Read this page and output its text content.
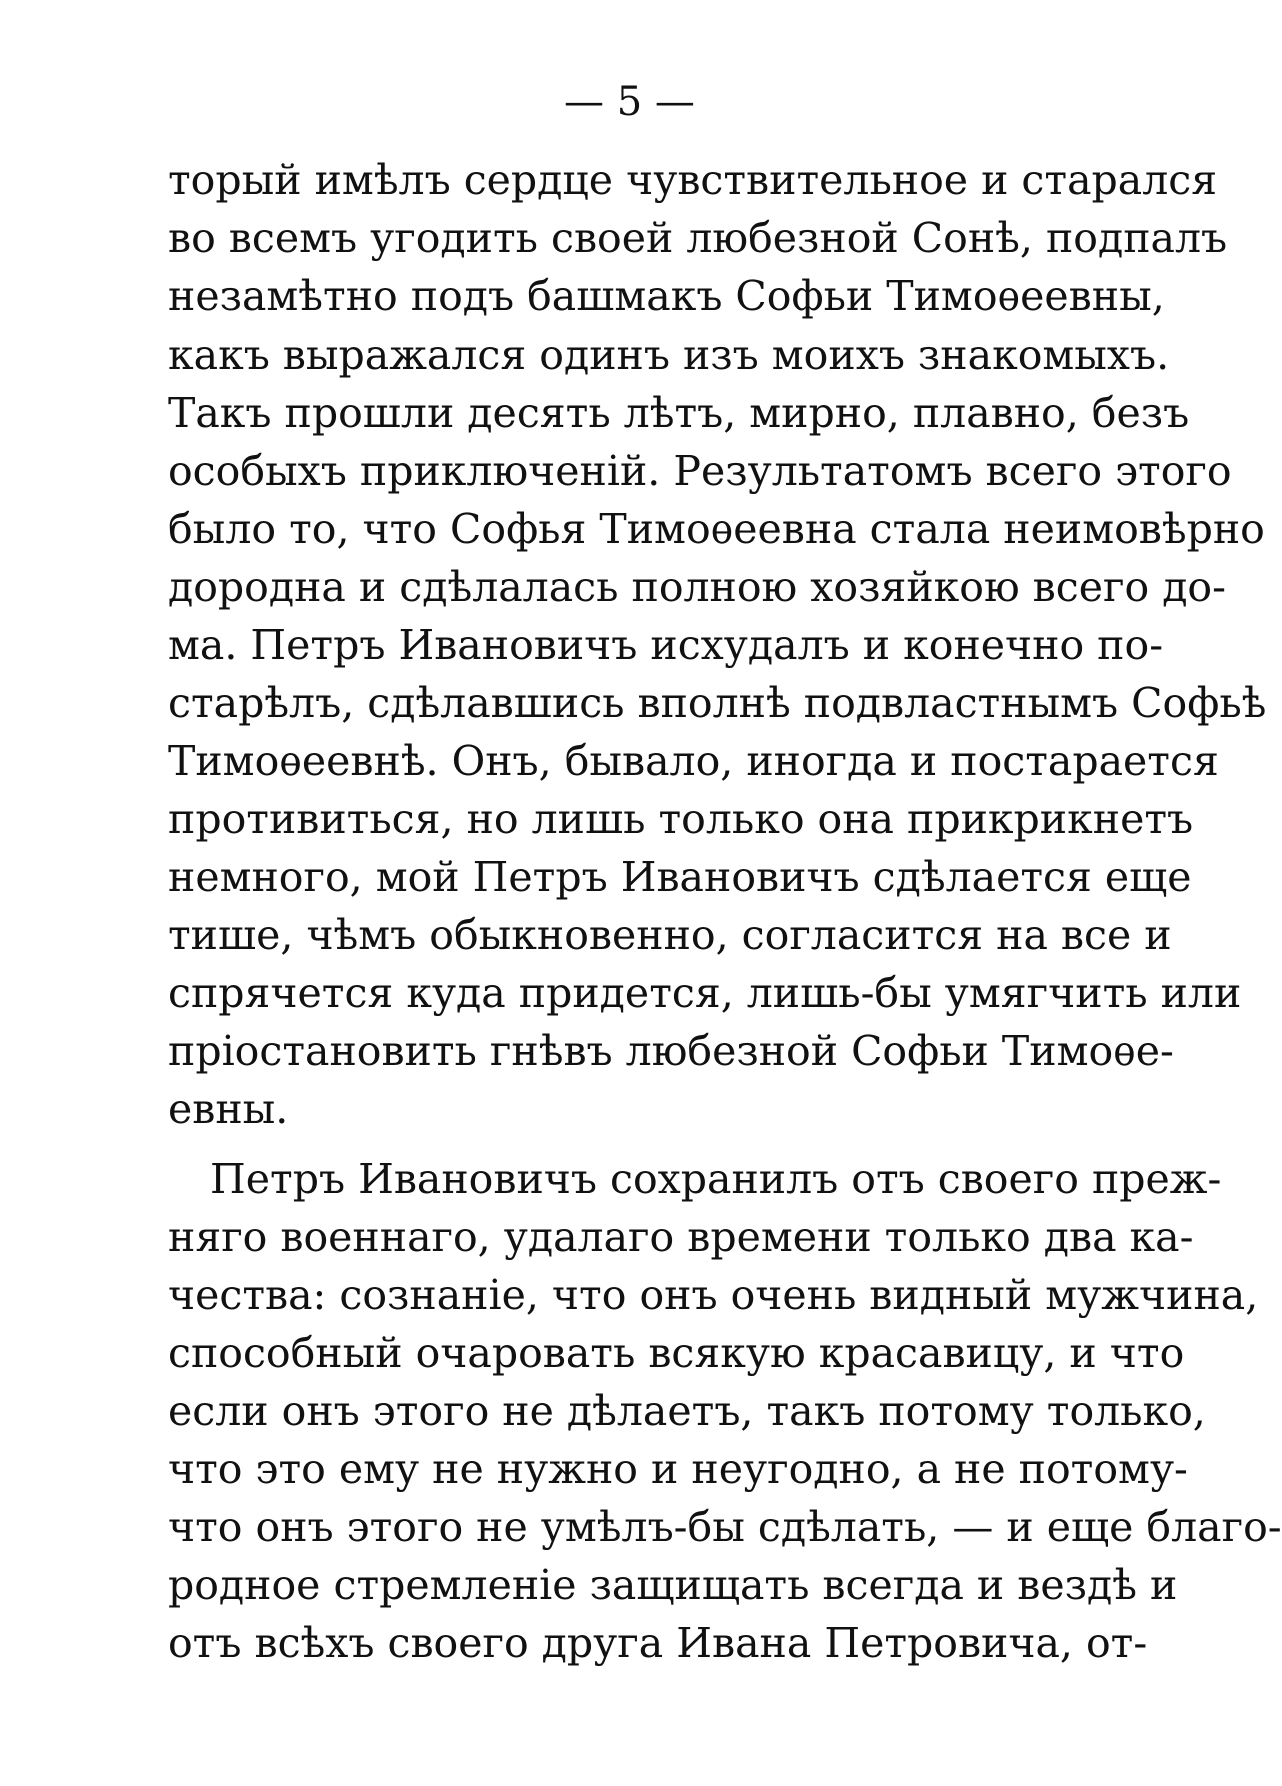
— 5 —
торый имѣлъ сердце чувствительное и старался
во всемъ угодить своей любезной Сонѣ, подпалъ
незамѣтно подъ башмакъ Софьи Тимоѳеевны,
какъ выражался одинъ изъ моихъ знакомыхъ.
Такъ прошли десять лѣтъ, мирно, плавно, безъ
особыхъ приключеній. Результатомъ всего этого
было то, что Софья Тимоѳеевна стала неимовѣрно
дородна и сдѣлалась полною хозяйкою всего до-
ма. Петръ Ивановичъ исхудалъ и конечно по-
старѣлъ, сдѣлавшись вполнѣ подвластнымъ Софьѣ
Тимоѳеевнѣ. Онъ, бывало, иногда и постарается
противиться, но лишь только она прикрикнетъ
немного, мой Петръ Ивановичъ сдѣлается еще
тише, чѣмъ обыкновенно, согласится на все и
спрячется куда придется, лишь-бы умягчить или
пріостановить гнѣвъ любезной Софьи Тимоѳе-
евны.
Петръ Ивановичъ сохранилъ отъ своего преж-
няго военнаго, удалаго времени только два ка-
чества: сознаніе, что онъ очень видный мужчина,
способный очаровать всякую красавицу, и что
если онъ этого не дѣлаетъ, такъ потому только,
что это ему не нужно и неугодно, а не потому-
что онъ этого не умѣлъ-бы сдѣлать, — и еще благо-
родное стремленіе защищать всегда и вездѣ и
отъ всѣхъ своего друга Ивана Петровича, от-
